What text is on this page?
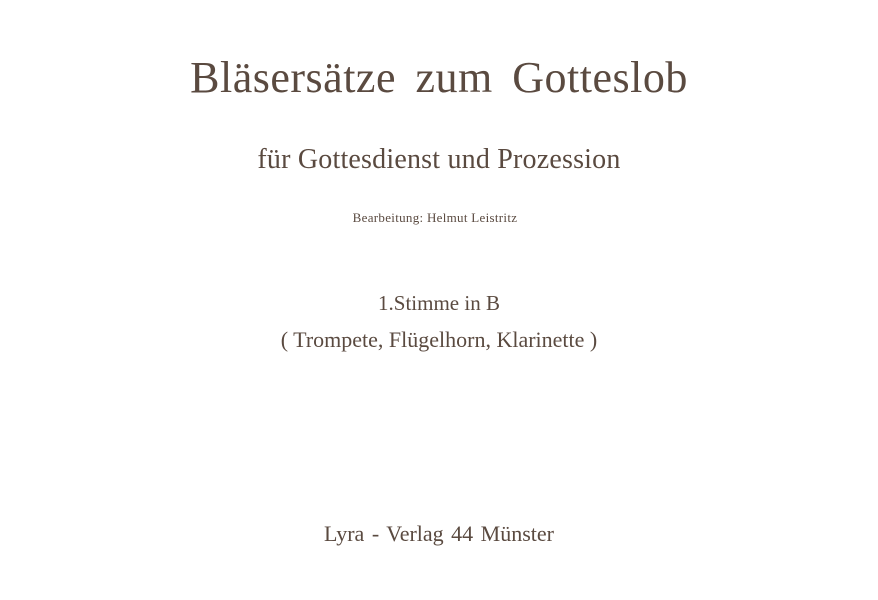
Bläsersätze zum Gotteslob
für Gottesdienst und Prozession
Bearbeitung: Helmut Leistritz
1.Stimme in B
( Trompete, Flügelhorn, Klarinette )
Lyra - Verlag 44 Münster
